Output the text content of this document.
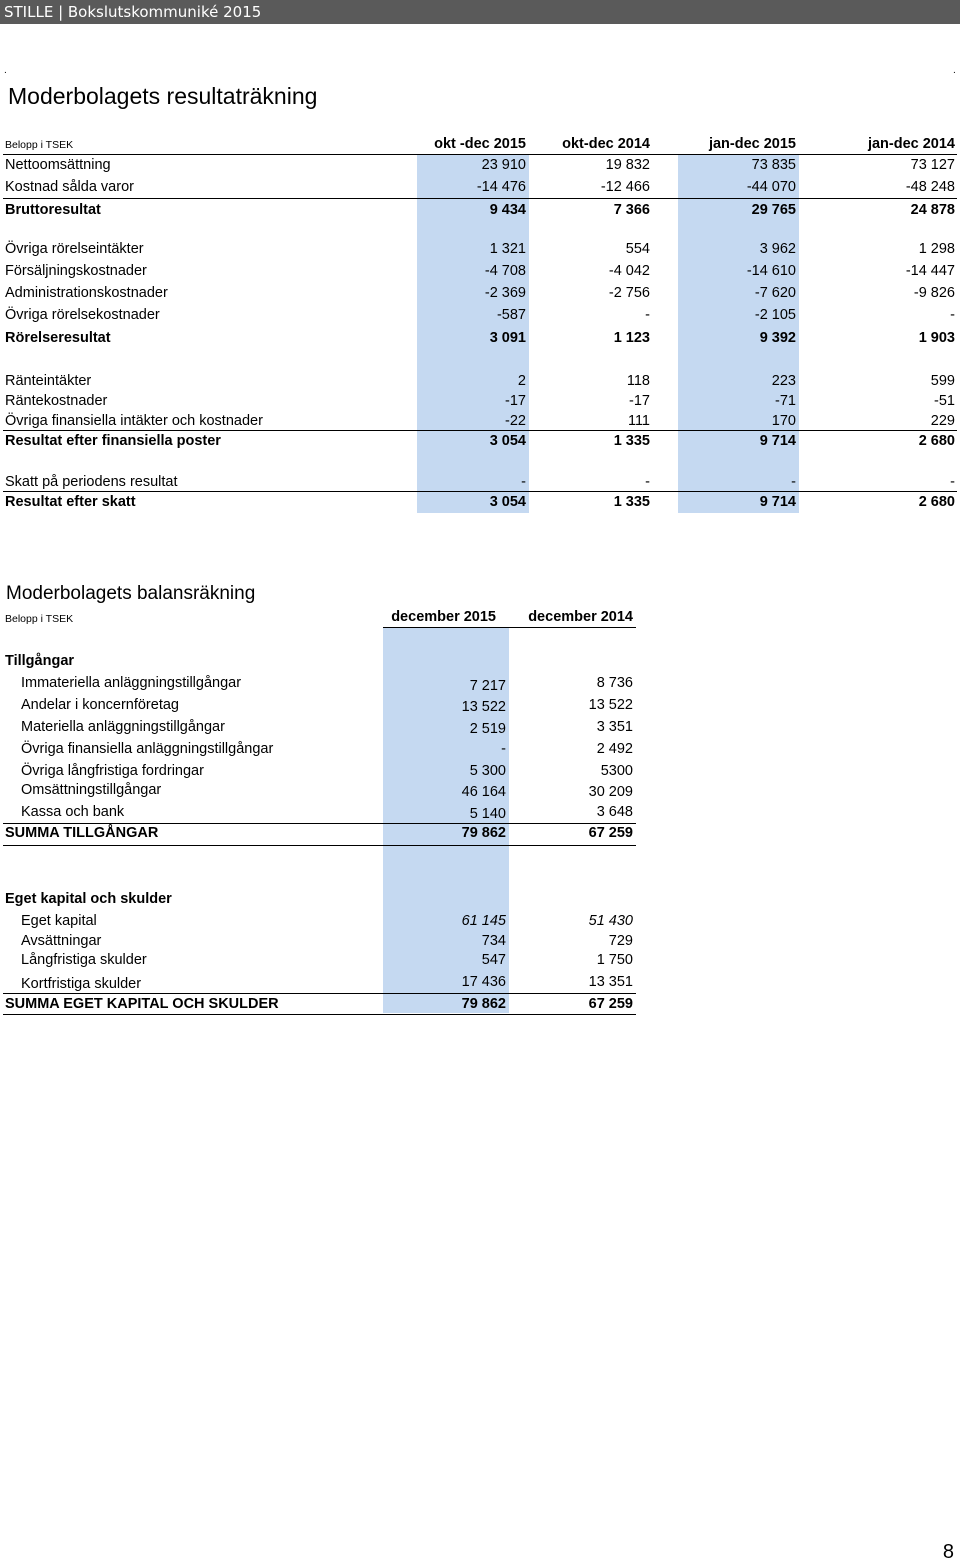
STILLE | Bokslutskommuniké 2015
.	.
Moderbolagets resultaträkning
Belopp i TSEK	okt -dec 2015	okt-dec 2014	jan-dec 2015	jan-dec 2014
Nettoomsättning	23 910	19 832	73 835	73 127
Kostnad sålda varor	-14 476	-12 466	-44 070	-48 248
Bruttoresultat	9 434	7 366	29 765	24 878
Övriga rörelseintäkter	1 321	554	3 962	1 298
Försäljningskostnader	-4 708	-4 042	-14 610	-14 447
Administrationskostnader	-2 369	-2 756	-7 620	-9 826
Övriga rörelsekostnader	-587	-	-2 105	-
Rörelseresultat	3 091	1 123	9 392	1 903
Ränteintäkter	2	118	223	599
Räntekostnader	-17	-17	-71	-51
Övriga finansiella intäkter och kostnader	-22	111	170	229
Resultat efter finansiella poster	3 054	1 335	9 714	2 680
Skatt på periodens resultat	-	-	-	-
Resultat efter skatt	3 054	1 335	9 714	2 680
Moderbolagets balansräkning
Belopp i TSEK	december 2015	december 2014
Tillgångar
Immateriella anläggningstillgångar	7 217	8 736
Andelar i koncernföretag	13 522	13 522
Materiella anläggningstillgångar	2 519	3 351
Övriga finansiella anläggningstillgångar	-	2 492
Övriga långfristiga fordringar	5 300	5300
Omsättningstillgångar	46 164	30 209
Kassa och bank	5 140	3 648
SUMMA TILLGÅNGAR	79 862	67 259
Eget kapital och skulder
Eget kapital	61 145	51 430
Avsättningar	734	729
Långfristiga skulder	547	1 750
Kortfristiga skulder	17 436	13 351
SUMMA EGET KAPITAL OCH SKULDER	79 862	67 259
8
